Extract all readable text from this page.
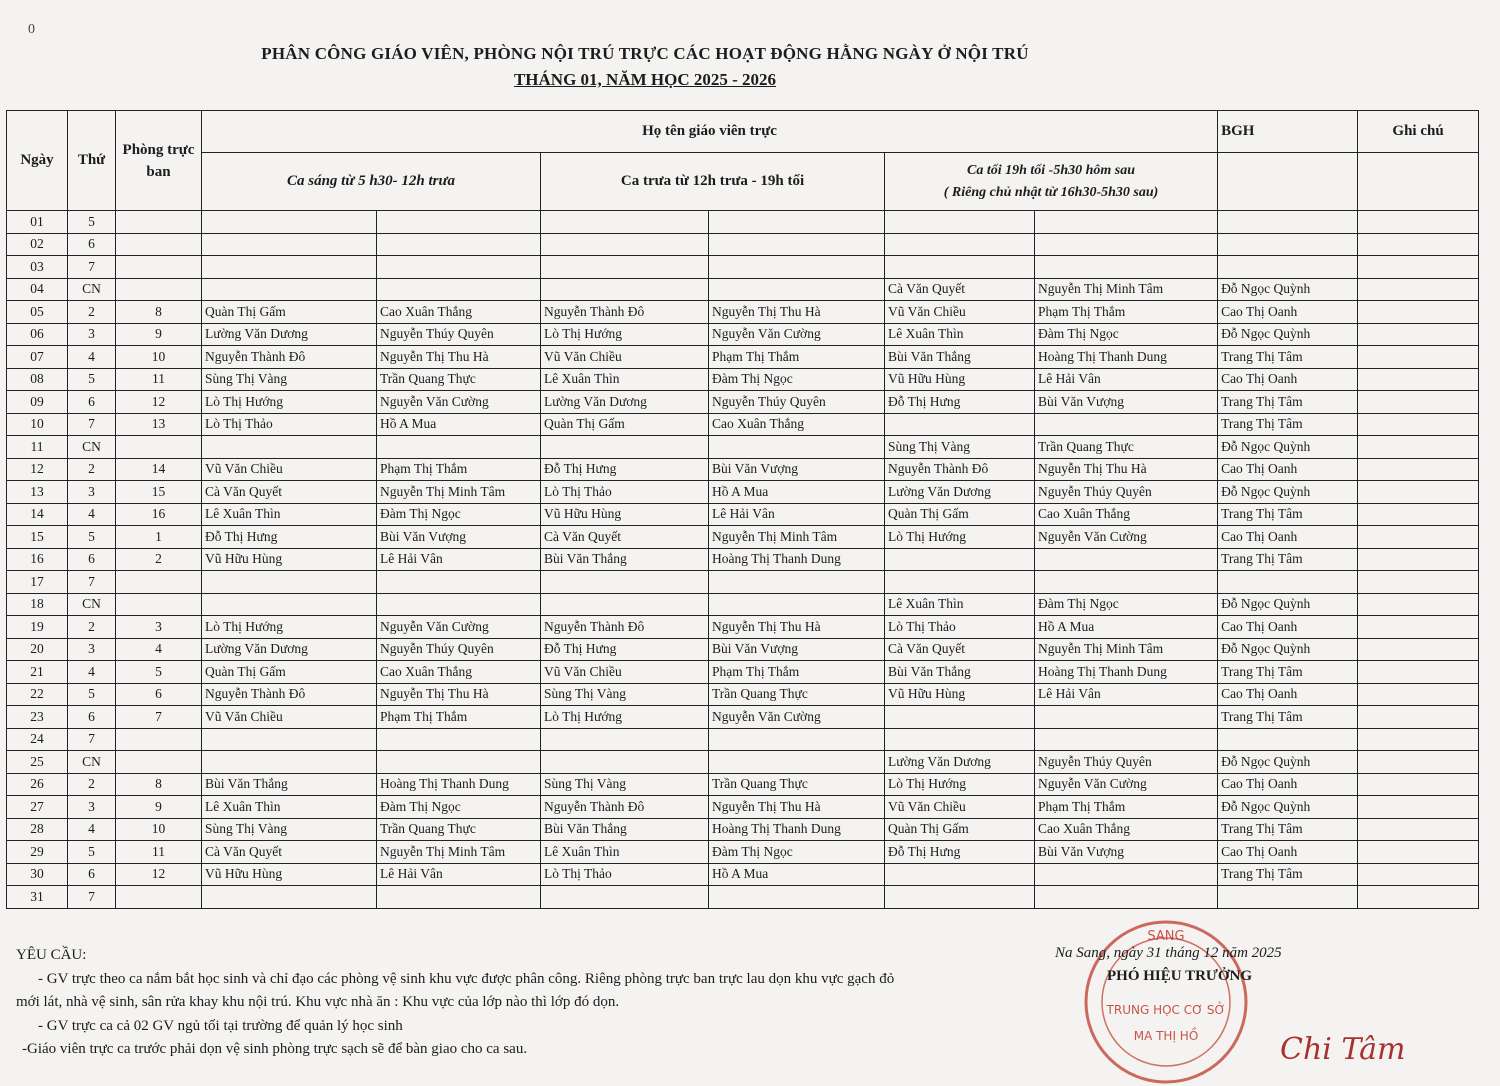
0
PHÂN CÔNG GIÁO VIÊN, PHÒNG NỘI TRÚ TRỰC CÁC HOẠT ĐỘNG HẰNG NGÀY Ở NỘI TRÚ
THÁNG 01, NĂM HỌC 2025 - 2026
Ngày	Thứ	Phòng trực ban	Họ tên giáo viên trực						BGH	Ghi chú
			Ca sáng từ 5 h30- 12h trưa		Ca trưa từ 12h trưa - 19h tối		Ca tối 19h tối -5h30 hôm sau
( Riêng chủ nhật từ 16h30-5h30 sau)			

01	5									
02	6									
03	7									
04	CN						Cà Văn Quyết	Nguyễn Thị Minh Tâm	Đỗ Ngọc Quỳnh	
05	2	8	Quàn Thị Gấm	Cao Xuân Thắng	Nguyễn Thành Đô	Nguyễn Thị Thu Hà	Vũ Văn Chiều	Phạm Thị Thắm	Cao Thị Oanh	
06	3	9	Lường Văn Dương	Nguyễn Thúy Quyên	Lò Thị Hướng	Nguyễn Văn Cường	Lê Xuân Thìn	Đàm Thị Ngọc	Đỗ Ngọc Quỳnh	
07	4	10	Nguyễn Thành Đô	Nguyễn Thị Thu Hà	Vũ Văn Chiều	Phạm Thị Thắm	Bùi Văn Thắng	Hoàng Thị Thanh Dung	Trang Thị Tâm	
08	5	11	Sùng Thị Vàng	Trần Quang Thực	Lê Xuân Thìn	Đàm Thị Ngọc	Vũ Hữu Hùng	Lê Hải Vân	Cao Thị Oanh	
09	6	12	Lò Thị Hướng	Nguyễn Văn Cường	Lường Văn Dương	Nguyễn Thúy Quyên	Đỗ Thị Hưng	Bùi Văn Vượng	Trang Thị Tâm	
10	7	13	Lò Thị Thảo	Hồ A Mua	Quàn Thị Gấm	Cao Xuân Thắng			Trang Thị Tâm	
11	CN						Sùng Thị Vàng	Trần Quang Thực	Đỗ Ngọc Quỳnh	
12	2	14	Vũ Văn Chiều	Phạm Thị Thắm	Đỗ Thị Hưng	Bùi Văn Vượng	Nguyễn Thành Đô	Nguyễn Thị Thu Hà	Cao Thị Oanh	
13	3	15	Cà Văn Quyết	Nguyễn Thị Minh Tâm	Lò Thị Thảo	Hồ A Mua	Lường Văn Dương	Nguyễn Thúy Quyên	Đỗ Ngọc Quỳnh	
14	4	16	Lê Xuân Thìn	Đàm Thị Ngọc	Vũ Hữu Hùng	Lê Hải Vân	Quàn Thị Gấm	Cao Xuân Thắng	Trang Thị Tâm	
15	5	1	Đỗ Thị Hưng	Bùi Văn Vượng	Cà Văn Quyết	Nguyễn Thị Minh Tâm	Lò Thị Hướng	Nguyễn Văn Cường	Cao Thị Oanh	
16	6	2	Vũ Hữu Hùng	Lê Hải Vân	Bùi Văn Thắng	Hoàng Thị Thanh Dung			Trang Thị Tâm	
17	7									
18	CN						Lê Xuân Thìn	Đàm Thị Ngọc	Đỗ Ngọc Quỳnh	
19	2	3	Lò Thị Hướng	Nguyễn Văn Cường	Nguyễn Thành Đô	Nguyễn Thị Thu Hà	Lò Thị Thảo	Hồ A Mua	Cao Thị Oanh	
20	3	4	Lường Văn Dương	Nguyễn Thúy Quyên	Đỗ Thị Hưng	Bùi Văn Vượng	Cà Văn Quyết	Nguyễn Thị Minh Tâm	Đỗ Ngọc Quỳnh	
21	4	5	Quàn Thị Gấm	Cao Xuân Thắng	Vũ Văn Chiều	Phạm Thị Thắm	Bùi Văn Thắng	Hoàng Thị Thanh Dung	Trang Thị Tâm	
22	5	6	Nguyễn Thành Đô	Nguyễn Thị Thu Hà	Sùng Thị Vàng	Trần Quang Thực	Vũ Hữu Hùng	Lê Hải Vân	Cao Thị Oanh	
23	6	7	Vũ Văn Chiều	Phạm Thị Thắm	Lò Thị Hướng	Nguyễn Văn Cường			Trang Thị Tâm	
24	7									
25	CN						Lường Văn Dương	Nguyễn Thúy Quyên	Đỗ Ngọc Quỳnh	
26	2	8	Bùi Văn Thắng	Hoàng Thị Thanh Dung	Sùng Thị Vàng	Trần Quang Thực	Lò Thị Hướng	Nguyễn Văn Cường	Cao Thị Oanh	
27	3	9	Lê Xuân Thìn	Đàm Thị Ngọc	Nguyễn Thành Đô	Nguyễn Thị Thu Hà	Vũ Văn Chiều	Phạm Thị Thắm	Đỗ Ngọc Quỳnh	
28	4	10	Sùng Thị Vàng	Trần Quang Thực	Bùi Văn Thắng	Hoàng Thị Thanh Dung	Quàn Thị Gấm	Cao Xuân Thắng	Trang Thị Tâm	
29	5	11	Cà Văn Quyết	Nguyễn Thị Minh Tâm	Lê Xuân Thìn	Đàm Thị Ngọc	Đỗ Thị Hưng	Bùi Văn Vượng	Cao Thị Oanh	
30	6	12	Vũ Hữu Hùng	Lê Hải Vân	Lò Thị Thảo	Hồ A Mua			Trang Thị Tâm	
31	7									
YÊU CẦU:
- GV trực theo ca nắm bắt học sinh và chỉ đạo các phòng vệ sinh khu vực được phân công. Riêng phòng trực ban trực lau dọn khu vực gạch đỏ
mới lát, nhà vệ sinh, sân rửa khay khu nội trú. Khu vực nhà ăn : Khu vực của lớp nào thì lớp đó dọn.
- GV trực ca cả 02 GV ngủ tối tại trường để quản lý học sinh
-Giáo viên trực ca trước phải dọn vệ sinh phòng trực sạch sẽ để bàn giao cho ca sau.
SANG
TRUNG HỌC CƠ SỞ
MA THỊ HỒ
Na Sang, ngày 31 tháng 12 năm 2025
PHÓ HIỆU TRƯỞNG
Chi Tâm
